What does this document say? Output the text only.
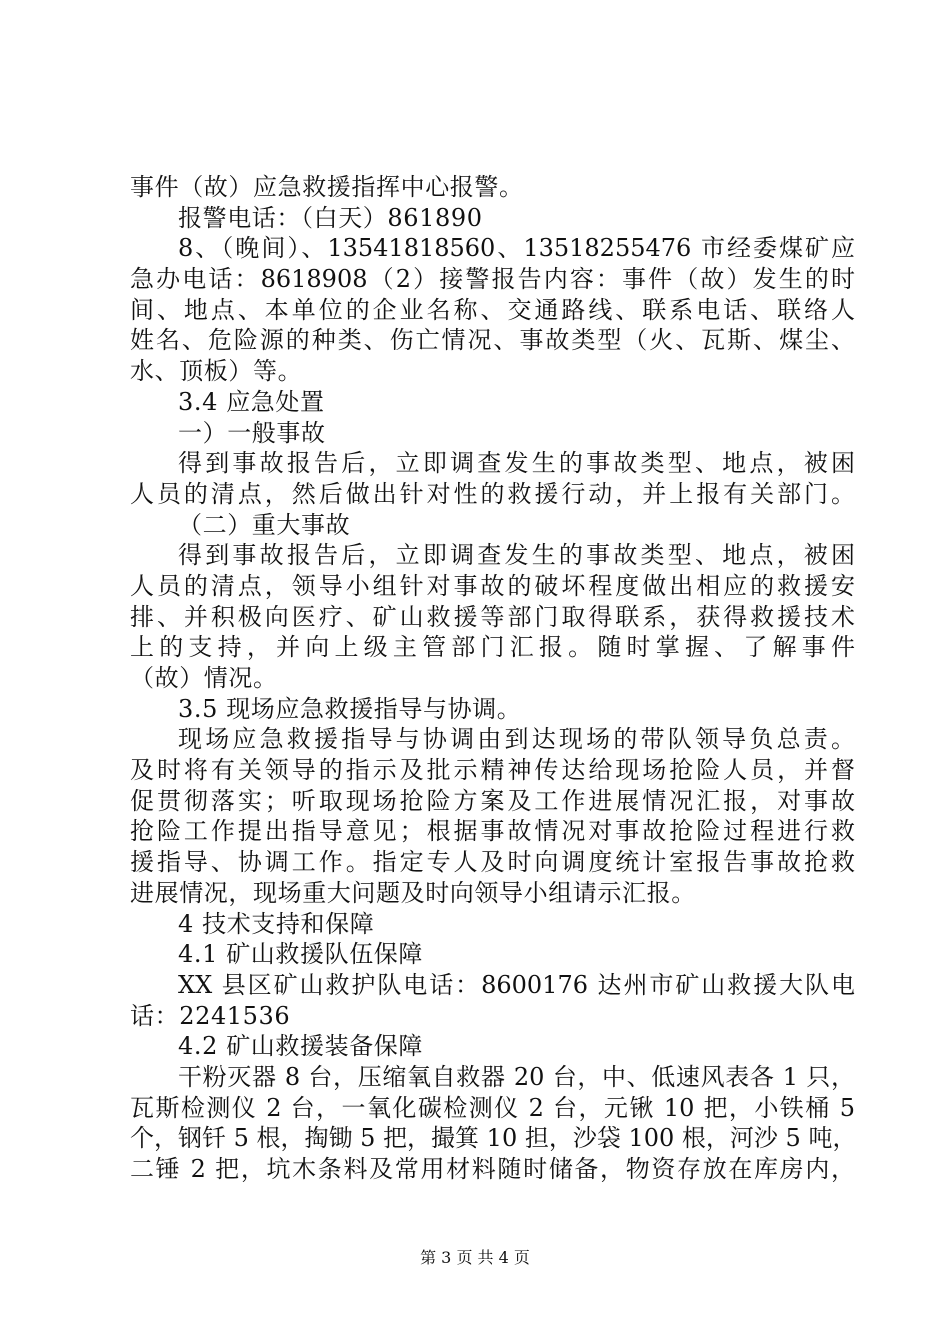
事件（故）应急救援指挥中心报警。
报警电话：（白天）861890
8、（晚间）、13541818560、13518255476 市经委煤矿应
急办电话：8618908（2）接警报告内容：事件（故）发生的时
间、地点、本单位的企业名称、交通路线、联系电话、联络人
姓名、危险源的种类、伤亡情况、事故类型（火、瓦斯、煤尘、
水、顶板）等。
3.4 应急处置
一）一般事故
得到事故报告后，立即调查发生的事故类型、地点，被困
人员的清点，然后做出针对性的救援行动，并上报有关部门。
（二）重大事故
得到事故报告后，立即调查发生的事故类型、地点，被困
人员的清点，领导小组针对事故的破坏程度做出相应的救援安
排、并积极向医疗、矿山救援等部门取得联系，获得救援技术
上的支持，并向上级主管部门汇报。随时掌握、了解事件
（故）情况。
3.5 现场应急救援指导与协调。
现场应急救援指导与协调由到达现场的带队领导负总责。
及时将有关领导的指示及批示精神传达给现场抢险人员，并督
促贯彻落实；听取现场抢险方案及工作进展情况汇报，对事故
抢险工作提出指导意见；根据事故情况对事故抢险过程进行救
援指导、协调工作。指定专人及时向调度统计室报告事故抢救
进展情况，现场重大问题及时向领导小组请示汇报。
4 技术支持和保障
4.1 矿山救援队伍保障
XX 县区矿山救护队电话：8600176 达州市矿山救援大队电
话：2241536
4.2 矿山救援装备保障
干粉灭器 8 台，压缩氧自救器 20 台，中、低速风表各 1 只，
瓦斯检测仪 2 台，一氧化碳检测仪 2 台，元锹 10 把，小铁桶 5
个，钢钎 5 根，掏锄 5 把，撮箕 10 担，沙袋 100 根，河沙 5 吨，
二锤 2 把，坑木条料及常用材料随时储备，物资存放在库房内，
第 3 页 共 4 页
